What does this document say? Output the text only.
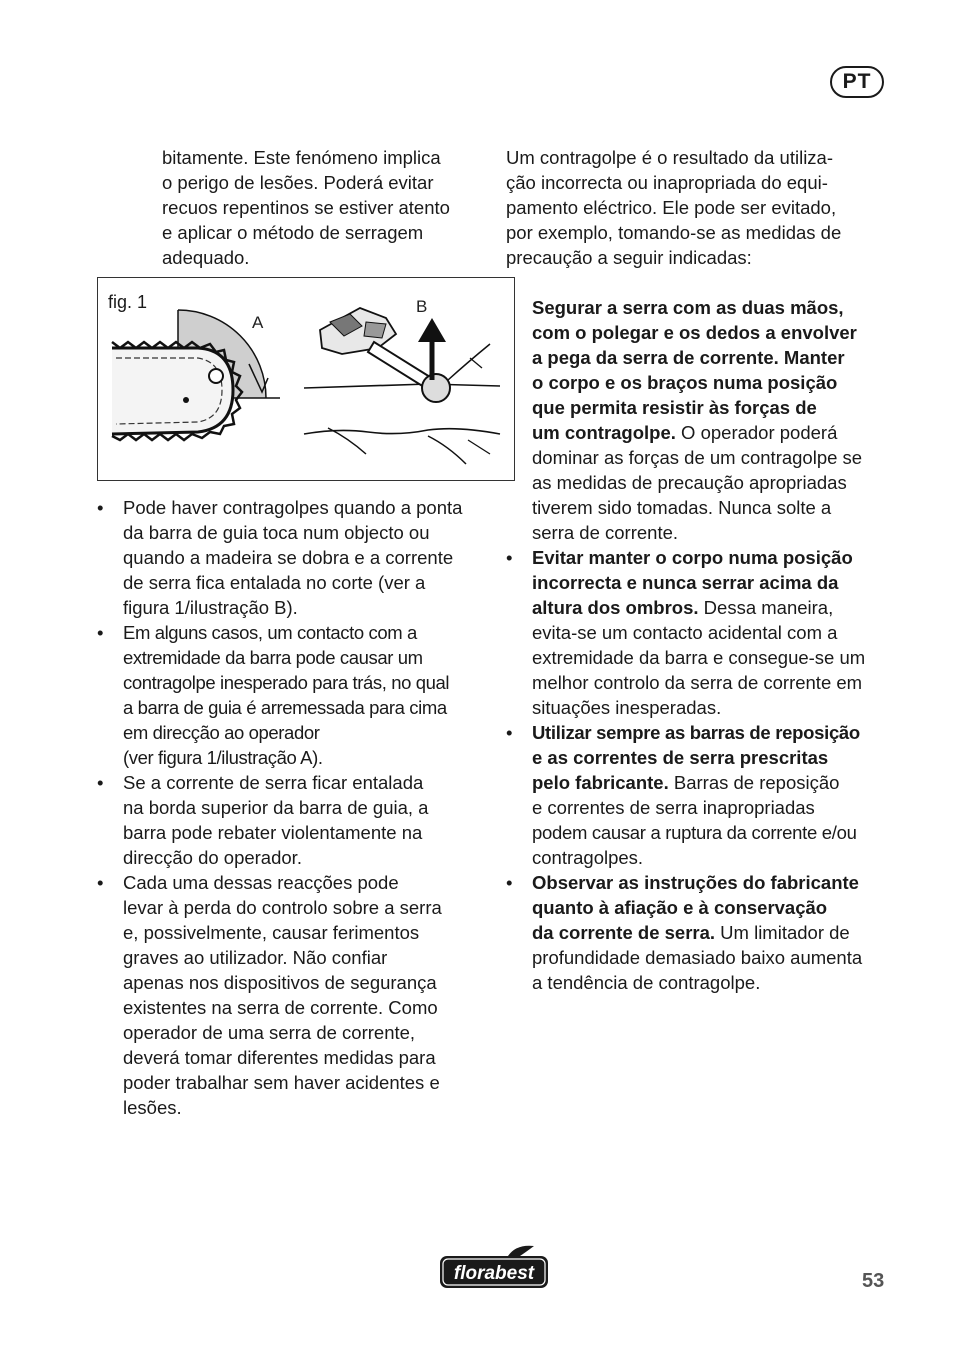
PT
bitamente. Este fenómeno implica
o perigo de lesões. Poderá evitar
recuos repentinos se estiver atento
e aplicar o método de serragem
adequado.
fig. 1
A
B
• Pode haver contragolpes quando a ponta
da barra de guia toca num objecto ou
quando a madeira se dobra e a corrente
de serra fica entalada no corte (ver a
figura 1/ilustração B).
• Em alguns casos, um contacto com a
extremidade da barra pode causar um
contragolpe inesperado para trás, no qual
a barra de guia é arremessada para cima
em direcção ao operador
(ver figura 1/ilustração A).
• Se a corrente de serra ficar entalada
na borda superior da barra de guia, a
barra pode rebater violentamente na
direcção do operador.
• Cada uma dessas reacções pode
levar à perda do controlo sobre a serra
e, possivelmente, causar ferimentos
graves ao utilizador. Não confiar
apenas nos dispositivos de segurança
existentes na serra de corrente. Como
operador de uma serra de corrente,
deverá tomar diferentes medidas para
poder trabalhar sem haver acidentes e
lesões.
Um contragolpe é o resultado da utiliza-
ção incorrecta ou inapropriada do equi-
pamento eléctrico. Ele pode ser evitado,
por exemplo, tomando-se as medidas de
precaução a seguir indicadas:
Segurar a serra com as duas mãos,
com o polegar e os dedos a envolver
a pega da serra de corrente. Manter
o corpo e os braços numa posição
que permita resistir às forças de
um contragolpe. O operador poderá
dominar as forças de um contragolpe se
as medidas de precaução apropriadas
tiverem sido tomadas. Nunca solte a
serra de corrente.
• Evitar manter o corpo numa posição
incorrecta e nunca serrar acima da
altura dos ombros. Dessa maneira,
evita-se um contacto acidental com a
extremidade da barra e consegue-se um
melhor controlo da serra de corrente em
situações inesperadas.
• Utilizar sempre as barras de reposição
e as correntes de serra prescritas
pelo fabricante. Barras de reposição
e correntes de serra inapropriadas
podem causar a ruptura da corrente e/ou
contragolpes.
• Observar as instruções do fabricante
quanto à afiação e à conservação
da corrente de serra. Um limitador de
profundidade demasiado baixo aumenta
a tendência de contragolpe.
florabest	53
